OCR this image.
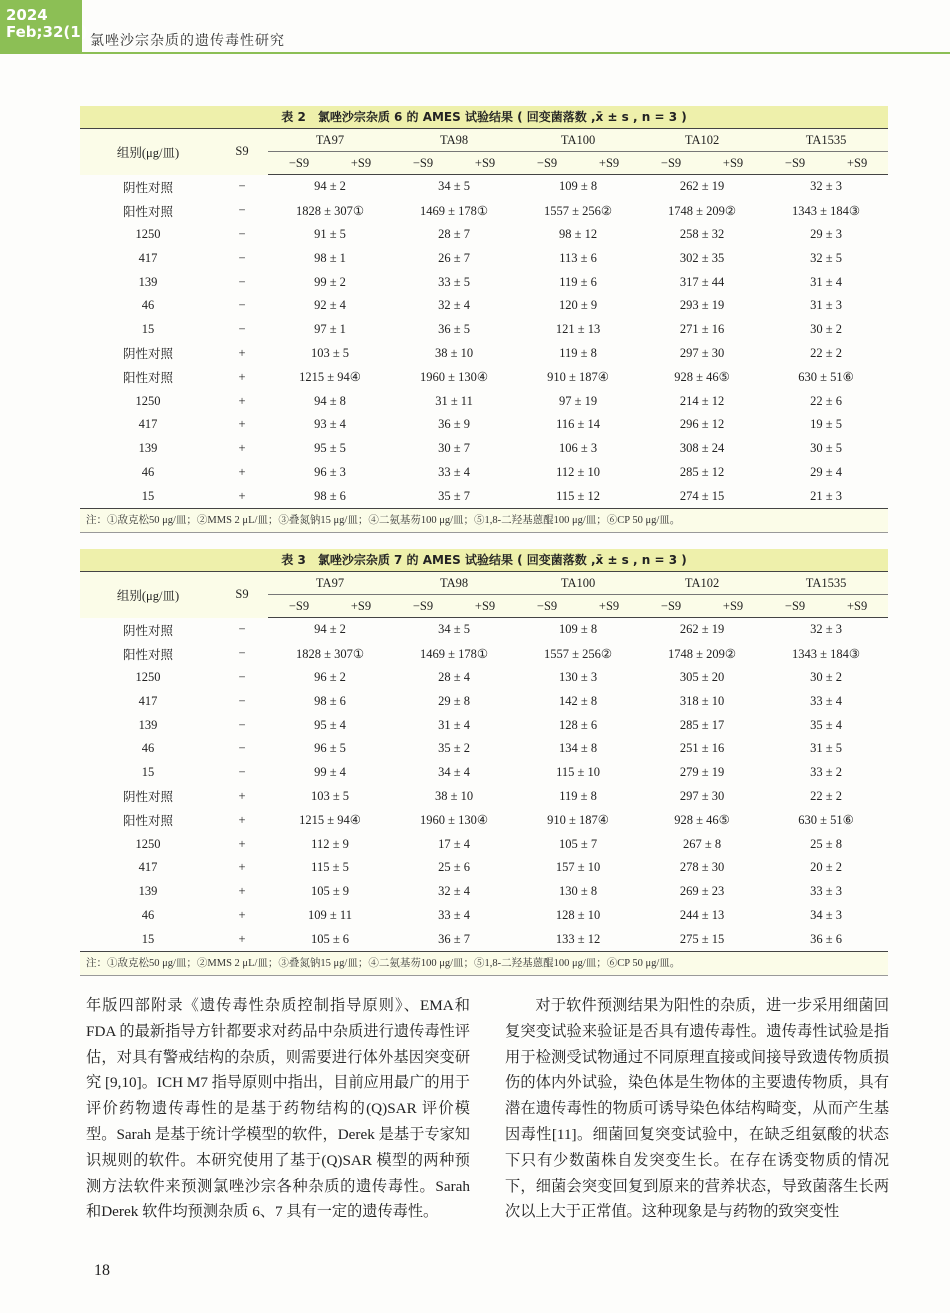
2024
Feb;32(1)
氯唑沙宗杂质的遗传毒性研究
表 2　氯唑沙宗杂质 6 的 AMES 试验结果 ( 回变菌落数 ,x̄ ± s , n = 3 )
组别(μg/皿)	S9	TA97		TA98		TA100		TA102		TA1535	
		−S9	+S9	−S9	+S9	−S9	+S9	−S9	+S9	−S9	+S9
阴性对照	−	94 ± 2		34 ± 5		109 ± 8		262 ± 19		32 ± 3	
阳性对照	−	1828 ± 307①		1469 ± 178①		1557 ± 256②		1748 ± 209②		1343 ± 184③	
1250	−	91 ± 5		28 ± 7		98 ± 12		258 ± 32		29 ± 3	
417	−	98 ± 1		26 ± 7		113 ± 6		302 ± 35		32 ± 5	
139	−	99 ± 2		33 ± 5		119 ± 6		317 ± 44		31 ± 4	
46	−	92 ± 4		32 ± 4		120 ± 9		293 ± 19		31 ± 3	
15	−	97 ± 1		36 ± 5		121 ± 13		271 ± 16		30 ± 2	
阴性对照	+	103 ± 5		38 ± 10		119 ± 8		297 ± 30		22 ± 2	
阳性对照	+	1215 ± 94④		1960 ± 130④		910 ± 187④		928 ± 46⑤		630 ± 51⑥	
1250	+	94 ± 8		31 ± 11		97 ± 19		214 ± 12		22 ± 6	
417	+	93 ± 4		36 ± 9		116 ± 14		296 ± 12		19 ± 5	
139	+	95 ± 5		30 ± 7		106 ± 3		308 ± 24		30 ± 5	
46	+	96 ± 3		33 ± 4		112 ± 10		285 ± 12		29 ± 4	
15	+	98 ± 6		35 ± 7		115 ± 12		274 ± 15		21 ± 3	
注：①敌克松50 μg/皿；②MMS 2 μL/皿；③叠氮钠15 μg/皿；④二氨基芴100 μg/皿；⑤1,8-二羟基蒽醌100 μg/皿；⑥CP 50 μg/皿。
表 3　氯唑沙宗杂质 7 的 AMES 试验结果 ( 回变菌落数 ,x̄ ± s , n = 3 )
组别(μg/皿)	S9	TA97		TA98		TA100		TA102		TA1535	
		−S9	+S9	−S9	+S9	−S9	+S9	−S9	+S9	−S9	+S9
阴性对照	−	94 ± 2		34 ± 5		109 ± 8		262 ± 19		32 ± 3	
阳性对照	−	1828 ± 307①		1469 ± 178①		1557 ± 256②		1748 ± 209②		1343 ± 184③	
1250	−	96 ± 2		28 ± 4		130 ± 3		305 ± 20		30 ± 2	
417	−	98 ± 6		29 ± 8		142 ± 8		318 ± 10		33 ± 4	
139	−	95 ± 4		31 ± 4		128 ± 6		285 ± 17		35 ± 4	
46	−	96 ± 5		35 ± 2		134 ± 8		251 ± 16		31 ± 5	
15	−	99 ± 4		34 ± 4		115 ± 10		279 ± 19		33 ± 2	
阴性对照	+	103 ± 5		38 ± 10		119 ± 8		297 ± 30		22 ± 2	
阳性对照	+	1215 ± 94④		1960 ± 130④		910 ± 187④		928 ± 46⑤		630 ± 51⑥	
1250	+	112 ± 9		17 ± 4		105 ± 7		267 ± 8		25 ± 8	
417	+	115 ± 5		25 ± 6		157 ± 10		278 ± 30		20 ± 2	
139	+	105 ± 9		32 ± 4		130 ± 8		269 ± 23		33 ± 3	
46	+	109 ± 11		33 ± 4		128 ± 10		244 ± 13		34 ± 3	
15	+	105 ± 6		36 ± 7		133 ± 12		275 ± 15		36 ± 6	
注：①敌克松50 μg/皿；②MMS 2 μL/皿；③叠氮钠15 μg/皿；④二氨基芴100 μg/皿；⑤1,8-二羟基蒽醌100 μg/皿；⑥CP 50 μg/皿。
年版四部附录《遗传毒性杂质控制指导原则》、EMA和 FDA 的最新指导方针都要求对药品中杂质进行遗传毒性评估，对具有警戒结构的杂质，则需要进行体外基因突变研究 [9,10]。ICH M7 指导原则中指出，目前应用最广的用于评价药物遗传毒性的是基于药物结构的(Q)SAR 评价模型。Sarah 是基于统计学模型的软件，Derek 是基于专家知识规则的软件。本研究使用了基于(Q)SAR 模型的两种预测方法软件来预测氯唑沙宗各种杂质的遗传毒性。Sarah 和Derek 软件均预测杂质 6、7 具有一定的遗传毒性。
对于软件预测结果为阳性的杂质，进一步采用细菌回复突变试验来验证是否具有遗传毒性。遗传毒性试验是指用于检测受试物通过不同原理直接或间接导致遗传物质损伤的体内外试验，染色体是生物体的主要遗传物质，具有潜在遗传毒性的物质可诱导染色体结构畸变，从而产生基因毒性[11]。细菌回复突变试验中，在缺乏组氨酸的状态下只有少数菌株自发突变生长。在存在诱变物质的情况下，细菌会突变回复到原来的营养状态，导致菌落生长两次以上大于正常值。这种现象是与药物的致突变性
18
